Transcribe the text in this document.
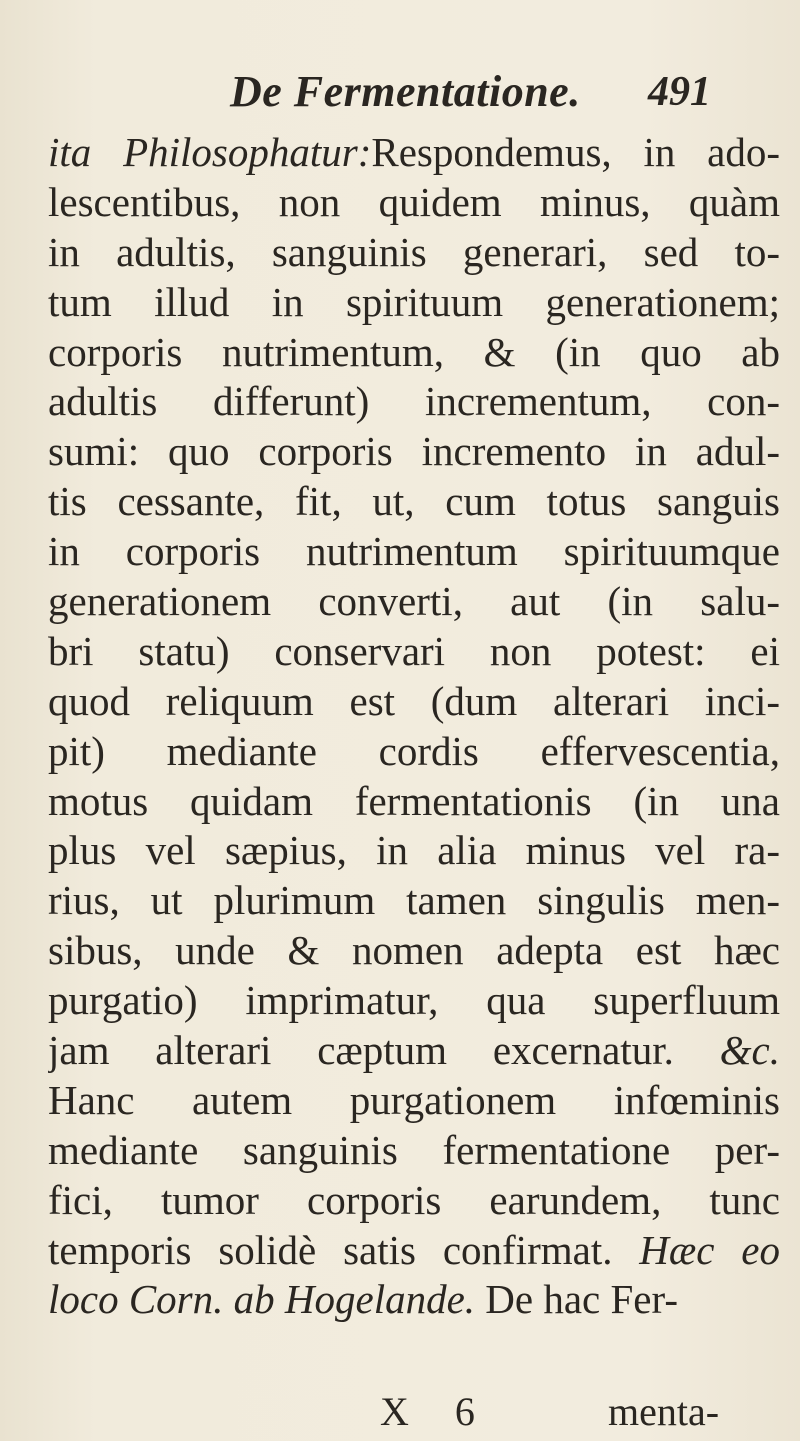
De Fermentatione. 491
ita Philosophatur:Respondemus, in ado-
lescentibus, non quidem minus, quàm
in adultis, sanguinis generari, sed to-
tum illud in spirituum generationem;
corporis nutrimentum, & (in quo ab
adultis differunt) incrementum, con-
sumi: quo corporis incremento in adul-
tis cessante, fit, ut, cum totus sanguis
in corporis nutrimentum spirituumque
generationem converti, aut (in salu-
bri statu) conservari non potest: ei
quod reliquum est (dum alterari inci-
pit) mediante cordis effervescentia,
motus quidam fermentationis (in una
plus vel sæpius, in alia minus vel ra-
rius, ut plurimum tamen singulis men-
sibus, unde & nomen adepta est hæc
purgatio) imprimatur, qua superfluum
jam alterari cæptum excernatur. &c.
Hanc autem purgationem infœminis
mediante sanguinis fermentatione per-
fici, tumor corporis earundem, tunc
temporis solidè satis confirmat. Hæc eo
loco Corn. ab Hogelande. De hac Fer-
X 6	menta-
